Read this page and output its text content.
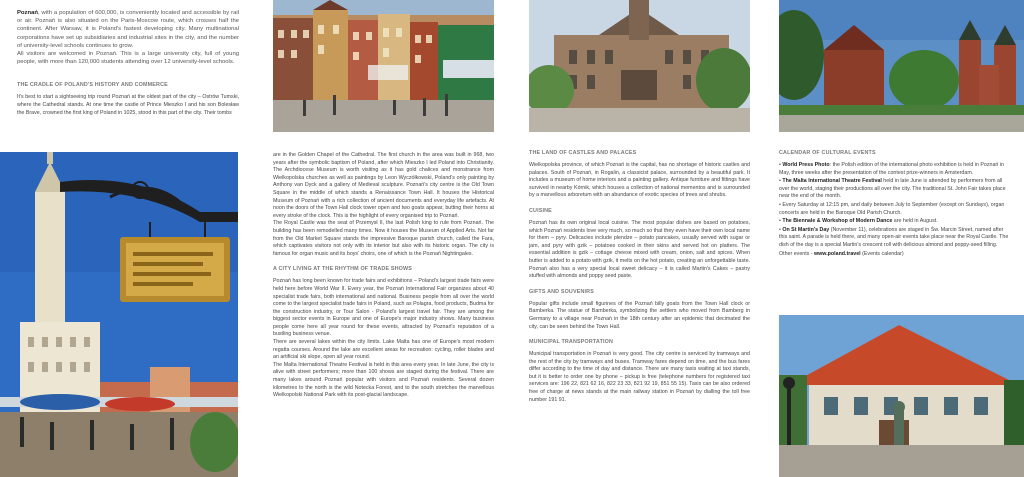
Poznań, with a population of 600,000, is conveniently located and accessible by rail or air. Poznań is also situated on the Paris-Moscow route, which crosses half the continent. After Warsaw, it is Poland's fastest developing city. Many multinational corporations have set up subsidiaries and industrial sites in the city, and the number of university-level schools continues to grow.
All visitors are welcomed in Poznań. This is a large university city, full of young people, with more than 120,000 students attending over 12 university-level schools.
THE CRADLE OF POLAND'S HISTORY AND COMMERCE
It's best to start a sightseeing trip round Poznań at the oldest part of the city – Ostrów Tumski, where the Cathedral stands. At one time the castle of Prince Mieszko I and his son Bolesław the Brave, crowned the first king of Poland in 1025, stood in this part of the city. Their tombs
are in the Golden Chapel of the Cathedral. The first church in the area was built in 968, two years after the symbolic baptism of Poland, after which Mieszko I led Poland into Christianity. The Archdiocese Museum is worth visiting as it has gold chalices and monstrance from Wielkopolska churches as well as paintings by Leon Wyczółkowski, Poland's only painting by Anthony van Dyck and a gallery of Medieval sculpture. Poznań's city centre is the Old Town Square in the middle of which stands a Renaissance Town Hall. It houses the Historical Museum of Poznań with a rich collection of ancient documents and everyday life artefacts. At noon the doors of the Town Hall clock tower open and two goats appear, butting their horns at every stroke of the clock. This is the highlight of every organised trip to Poznań.
The Royal Castle was the seat of Przemysł II, the last Polish king to rule from Poznań. The building has been remodelled many times. Now it houses the Museum of Applied Arts. Not far from the Old Market Square stands the impressive Baroque parish church, called the Fara, which captivates visitors not only with its interior but also with its historic organ. The city is famous for organ music and its boys' choirs, one of which is the Poznań Nightingales.
A CITY LIVING AT THE RHYTHM OF TRADE SHOWS
Poznań has long been known for trade fairs and exhibitions – Poland's largest trade fairs were held here before World War II. Every year, the Poznań International Fair organizes about 40 specialist trade fairs, both international and national. Business people from all over the world come to the largest specialist trade fairs in Poland, such as Polagra, food products, Budma for the construction industry, or Tour Salon - Poland's largest travel fair. They are among the biggest sector events in Europe and one of Europe's major industry shows. Many business people come here all year round for these events, attracted by Poznań's reputation of a bustling business venue.
There are several lakes within the city limits. Lake Malta has one of Europe's most modern regatta courses. Around the lake are excellent areas for recreation: cycling, roller blades and an artificial ski slope, open all year round.
The Malta International Theatre Festival is held in this area every year. In late June, the city is alive with street performers; more than 100 shows are staged during the festival. There are many lakes around Poznań popular with visitors and Poznań residents. Several dozen kilometres to the north is the wild Notecka Forest, and to the south stretches the marvellous Wielkopolski National Park with its post-glacial landscape.
THE LAND OF CASTLES AND PALACES
Wielkopolska province, of which Poznań is the capital, has no shortage of historic castles and palaces. South of Poznań, in Rogalin, a classicist palace, surrounded by a beautiful park. It includes a museum of home interiors and a painting gallery. Antique furniture and fittings have survived in nearby Kórnik, which houses a collection of national mementos and is surrounded by a marvellous arboretum with an abundance of exotic species of trees and shrubs.
CUISINE
Poznań has its own original local cuisine. The most popular dishes are based on potatoes, which Poznań residents love very much, so much so that they even have their own local name for them – pyry. Delicacies include plendze – potato pancakes, usually served with sugar or jam, and pyry with gzik – potatoes cooked in their skins and served hot on platters. The essential addition is gzik – cottage cheese mixed with cream, onion, salt and spices. When butter is added to a potato with gzik, it melts on the hot potato, creating an unforgettable taste. Poznań also has a very special local sweet delicacy – it is called Martin's Cakes – pastry stuffed with almonds and poppy seed paste.
GIFTS AND SOUVENIRS
Popular gifts include small figurines of the Poznań billy goats from the Town Hall clock or Bamberka. The statue of Bamberka, symbolizing the settlers who moved from Bamberg in Germany to a village near Poznań in the 18th century after an epidemic that decimated the city, can be seen behind the Town Hall.
MUNICIPAL TRANSPORTATION
Municipal transportation in Poznań is very good. The city centre is serviced by tramways and the rest of the city by tramways and buses. Tramway fares depend on time, and the bus fares differ according to the time of day and distance. There are many taxis waiting at taxi stands, but it is better to order one by phone – pickup is free (telephone numbers for registered taxi services are: 196 22, 821 62 16, 822 23 33, 821 92 19, 851 55 15). Taxis can be also ordered free of charge at news stands at the main railway station in Poznań by dialling the toll free number 191 91.
CALENDAR OF CULTURAL EVENTS
• World Press Photo: the Polish edition of the international photo exhibition is held in Poznań in May, three weeks after the presentation of the contest prize-winners in Amsterdam.
• The Malta International Theatre Festival held in late June is attended by performers from all over the world, staging their productions all over the city. The traditional St. John Fair takes place near the end of the month.
• Every Saturday at 12:15 pm, and daily between July to September (except on Sundays), organ concerts are held in the Baroque Old Parish Church.
• The Biennale & Workshop of Modern Dance are held in August.
• On St Martin's Day (November 11), celebrations are staged in Św. Marcin Street, named after this saint. A parade is held there, and many open-air events take place near the Royal Castle. The dish of the day is a special Martin's crescent roll with delicious almond and poppy-seed filling.
Other events - www.poland.travel (Events calendar)
